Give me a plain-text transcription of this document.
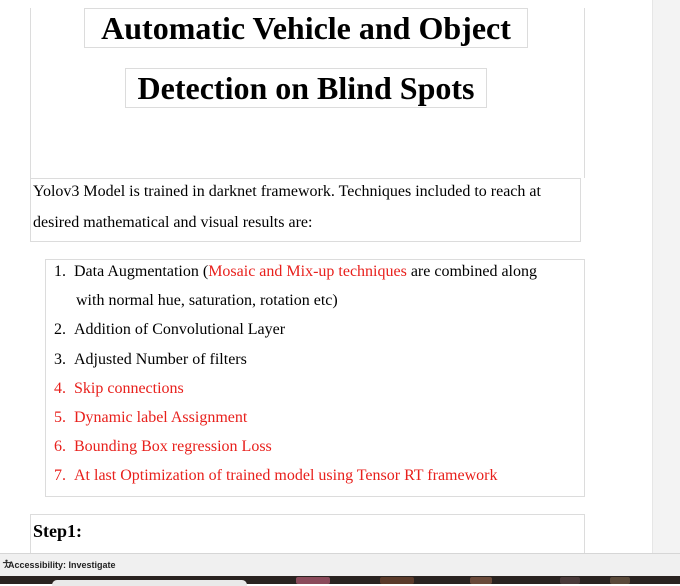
Automatic Vehicle and Object
Detection on Blind Spots
Yolov3 Model is trained in darknet framework. Techniques included to reach at
desired mathematical and visual results are:
1. Data Augmentation (Mosaic and Mix-up techniques are combined along
with normal hue, saturation, rotation etc)
2. Addition of Convolutional Layer
3. Adjusted Number of filters
4. Skip connections
5. Dynamic label Assignment
6. Bounding Box regression Loss
7. At last Optimization of trained model using Tensor RT framework
Step1:
Accessibility: Investigate
